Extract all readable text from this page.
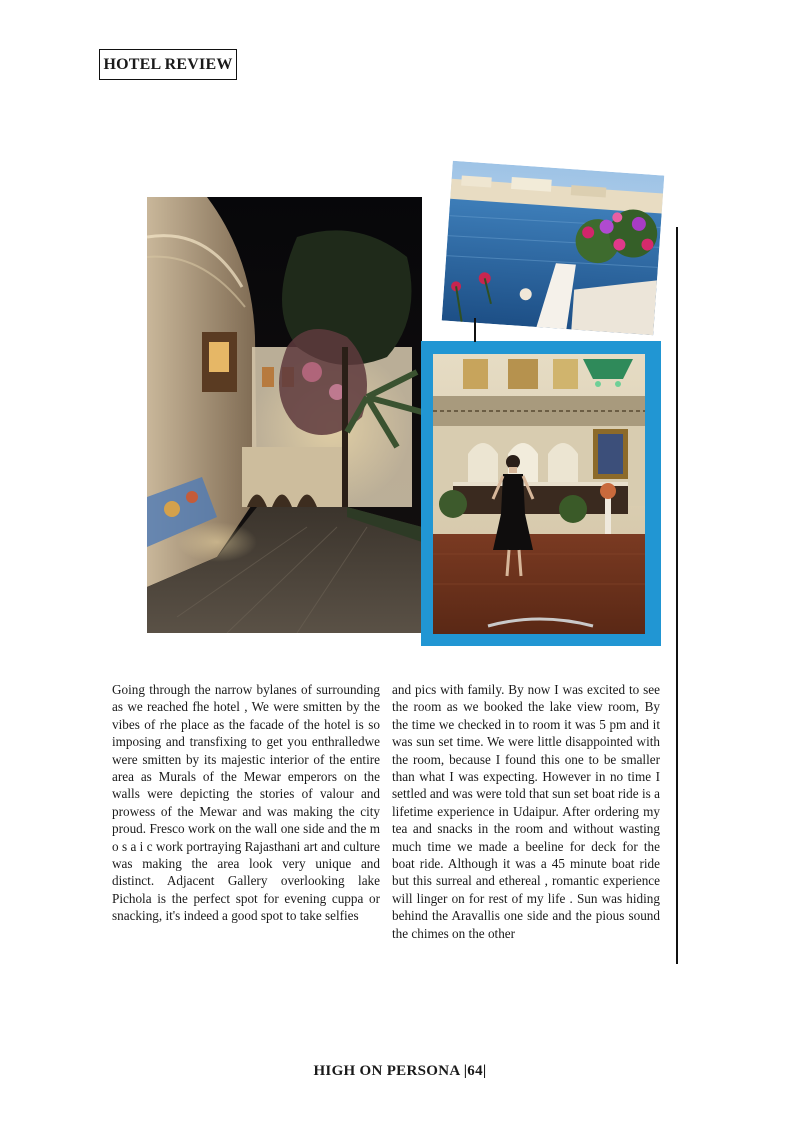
HOTEL REVIEW
Going through the narrow bylanes of surrounding as we reached fhe hotel , We were smitten by the vibes of rhe place as the facade of the hotel is so imposing and transfixing to get you enthralledwe were smitten by its majestic interior of the entire area as Murals of the Mewar emperors on the walls were depicting the stories of valour and prowess of the Mewar and was making the city proud. Fresco work on the wall one side and the m o s a i c work portraying Rajasthani art and culture was making the area look very unique and distinct. Adjacent Gallery overlooking lake Pichola is the perfect spot for evening cuppa or snacking, it's indeed a good spot to take selfies
and pics with family. By now I was excited to see the room as we booked the lake view room, By the time we checked in to room it was 5 pm and it was sun set time. We were little disappointed with the room, because I found this one to be smaller than what I was expecting. However in no time I settled and was were told that sun set boat ride is a lifetime experience in Udaipur. After ordering my tea and snacks in the room and without wasting much time we made a beeline for deck for the boat ride. Although it was a 45 minute boat ride but this surreal and ethereal , romantic experience will linger on for rest of my life . Sun was hiding behind the Aravallis one side and the pious sound the chimes on the other
HIGH ON PERSONA |64|
